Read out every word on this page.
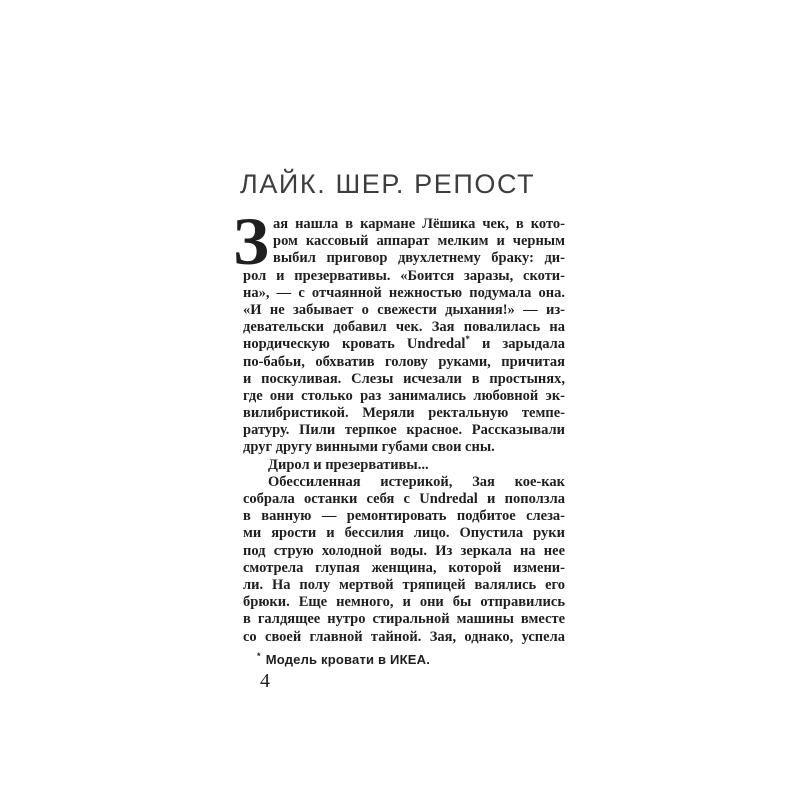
ЛАЙК. ШЕР. РЕПОСТ
З ая нашла в кармане Лёшика чек, в кото-
ром кассовый аппарат мелким и черным
выбил приговор двухлетнему браку: ди-
рол и презервативы. «Боится заразы, скоти-
на», — с отчаянной нежностью подумала она.
«И не забывает о свежести дыхания!» — из-
девательски добавил чек. Зая повалилась на
нордическую кровать Undredal* и зарыдала
по-бабьи, обхватив голову руками, причитая
и поскуливая. Слезы исчезали в простынях,
где они столько раз занимались любовной эк-
вилибристикой. Меряли ректальную темпе-
ратуру. Пили терпкое красное. Рассказывали
друг другу винными губами свои сны.
Дирол и презервативы...
Обессиленная истерикой, Зая кое-как
собрала останки себя с Undredal и поползла
в ванную — ремонтировать подбитое слеза-
ми ярости и бессилия лицо. Опустила руки
под струю холодной воды. Из зеркала на нее
смотрела глупая женщина, которой измени-
ли. На полу мертвой тряпицей валялись его
брюки. Еще немного, и они бы отправились
в галдящее нутро стиральной машины вместе
со своей главной тайной. Зая, однако, успела
* Модель кровати в ИКЕА.
4
